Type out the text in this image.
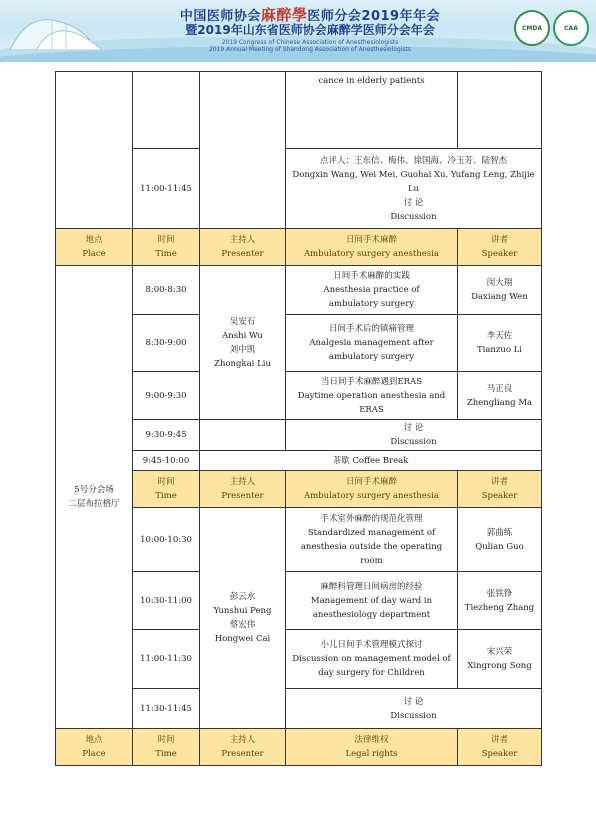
中国医师协会麻醉學医师分会2019年年会
暨2019年山东省医师协会麻醉学医师分会年会
2019 Congress of Chinese Association of Anesthesiologists
2019 Annual Meeting of Shandong Association of Anesthesiologists
CMDA	CAA
cance in elderly patients
11:00-11:45
点评人：王东信、梅伟、徐国海、冷玉芳、陆智杰
Dongxin Wang, Wei Mei, Guohai Xu, Yufang Leng, Zhijie Lu
讨 论
Discussion
地点
Place
时间
Time
主持人
Presenter
日间手术麻醉
Ambulatory surgery anesthesia
讲者
Speaker
5号分会场
二层布拉格厅
8:00-8:30
日间手术麻醉的实践
Anesthesia practice of ambulatory surgery
闵大翔
Daxiang Wen
吴安石
Anshi Wu
刘中凯
Zhongkai Liu
8:30-9:00
日间手术后的镇痛管理
Analgesia management after ambulatory surgery
李天佐
Tianzuo Li
9:00-9:30
当日间手术麻醉遇到ERAS
Daytime operation anesthesia and ERAS
马正良
Zhengliang Ma
9:30-9:45
讨 论
Discussion
9:45-10:00	茶歇 Coffee Break
时间
Time
主持人
Presenter
日间手术麻醉
Ambulatory surgery anesthesia
讲者
Speaker
10:00-10:30
手术室外麻醉的规范化管理
Standardized management of anesthesia outside the operating room
郭曲练
Qulian Guo
彭云水
Yunshui Peng
蔡宏伟
Hongwei Cai
10:30-11:00
麻醉科管理日间病房的经验
Management of day ward in anesthesiology department
张铁铮
Tiezheng Zhang
11:00-11:30
小儿日间手术管理模式探讨
Discussion on management model of day surgery for Children
宋兴荣
Xingrong Song
11:30-11:45
讨 论
Discussion
地点
Place
时间
Time
主持人
Presenter
法律维权
Legal rights
讲者
Speaker
